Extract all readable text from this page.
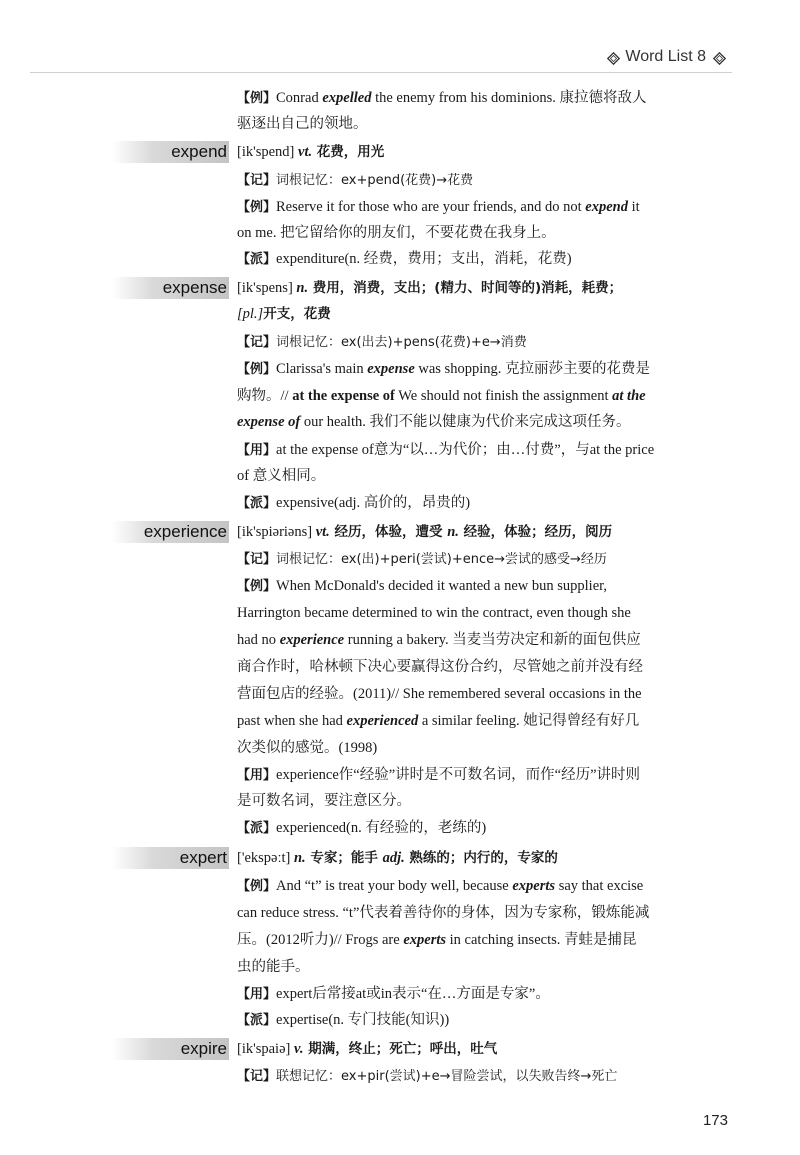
Word List 8
【例】Conrad expelled the enemy from his dominions. 康拉德将敌人
驱逐出自己的领地。
expend [ik'spend] vt. 花费，用光
【记】词根记忆：ex+pend(花费)→花费
【例】Reserve it for those who are your friends, and do not expend it
on me. 把它留给你的朋友们，不要花费在我身上。
【派】expenditure(n. 经费，费用；支出，消耗，花费)
expense [ik'spens] n. 费用，消费，支出；(精力、时间等的)消耗，耗费；
[pl.]开支，花费
【记】词根记忆：ex(出去)+pens(花费)+e→消费
【例】Clarissa's main expense was shopping. 克拉丽莎主要的花费是
购物。// at the expense of We should not finish the assignment at the
expense of our health. 我们不能以健康为代价来完成这项任务。
【用】at the expense of意为“以…为代价；由…付费”，与at the price
of 意义相同。
【派】expensive(adj. 高价的，昂贵的)
experience [ik'spiəriəns] vt. 经历，体验，遭受 n. 经验，体验；经历，阅历
【记】词根记忆：ex(出)+peri(尝试)+ence→尝试的感受→经历
【例】When McDonald's decided it wanted a new bun supplier,
Harrington became determined to win the contract, even though she
had no experience running a bakery. 当麦当劳决定和新的面包供应
商合作时，哈林顿下决心要赢得这份合约，尽管她之前并没有经
营面包店的经验。(2011)// She remembered several occasions in the
past when she had experienced a similar feeling. 她记得曾经有好几
次类似的感觉。(1998)
【用】experience作“经验”讲时是不可数名词，而作“经历”讲时则
是可数名词，要注意区分。
【派】experienced(n. 有经验的，老练的)
expert ['ekspəːt] n. 专家；能手 adj. 熟练的；内行的，专家的
【例】And “t” is treat your body well, because experts say that excise
can reduce stress. “t”代表着善待你的身体，因为专家称，锻炼能减
压。(2012听力)// Frogs are experts in catching insects. 青蛙是捕昆
虫的能手。
【用】expert后常接at或in表示“在…方面是专家”。
【派】expertise(n. 专门技能(知识))
expire [ik'spaiə] v. 期满，终止；死亡；呼出，吐气
【记】联想记忆：ex+pir(尝试)+e→冒险尝试，以失败告终→死亡
173
